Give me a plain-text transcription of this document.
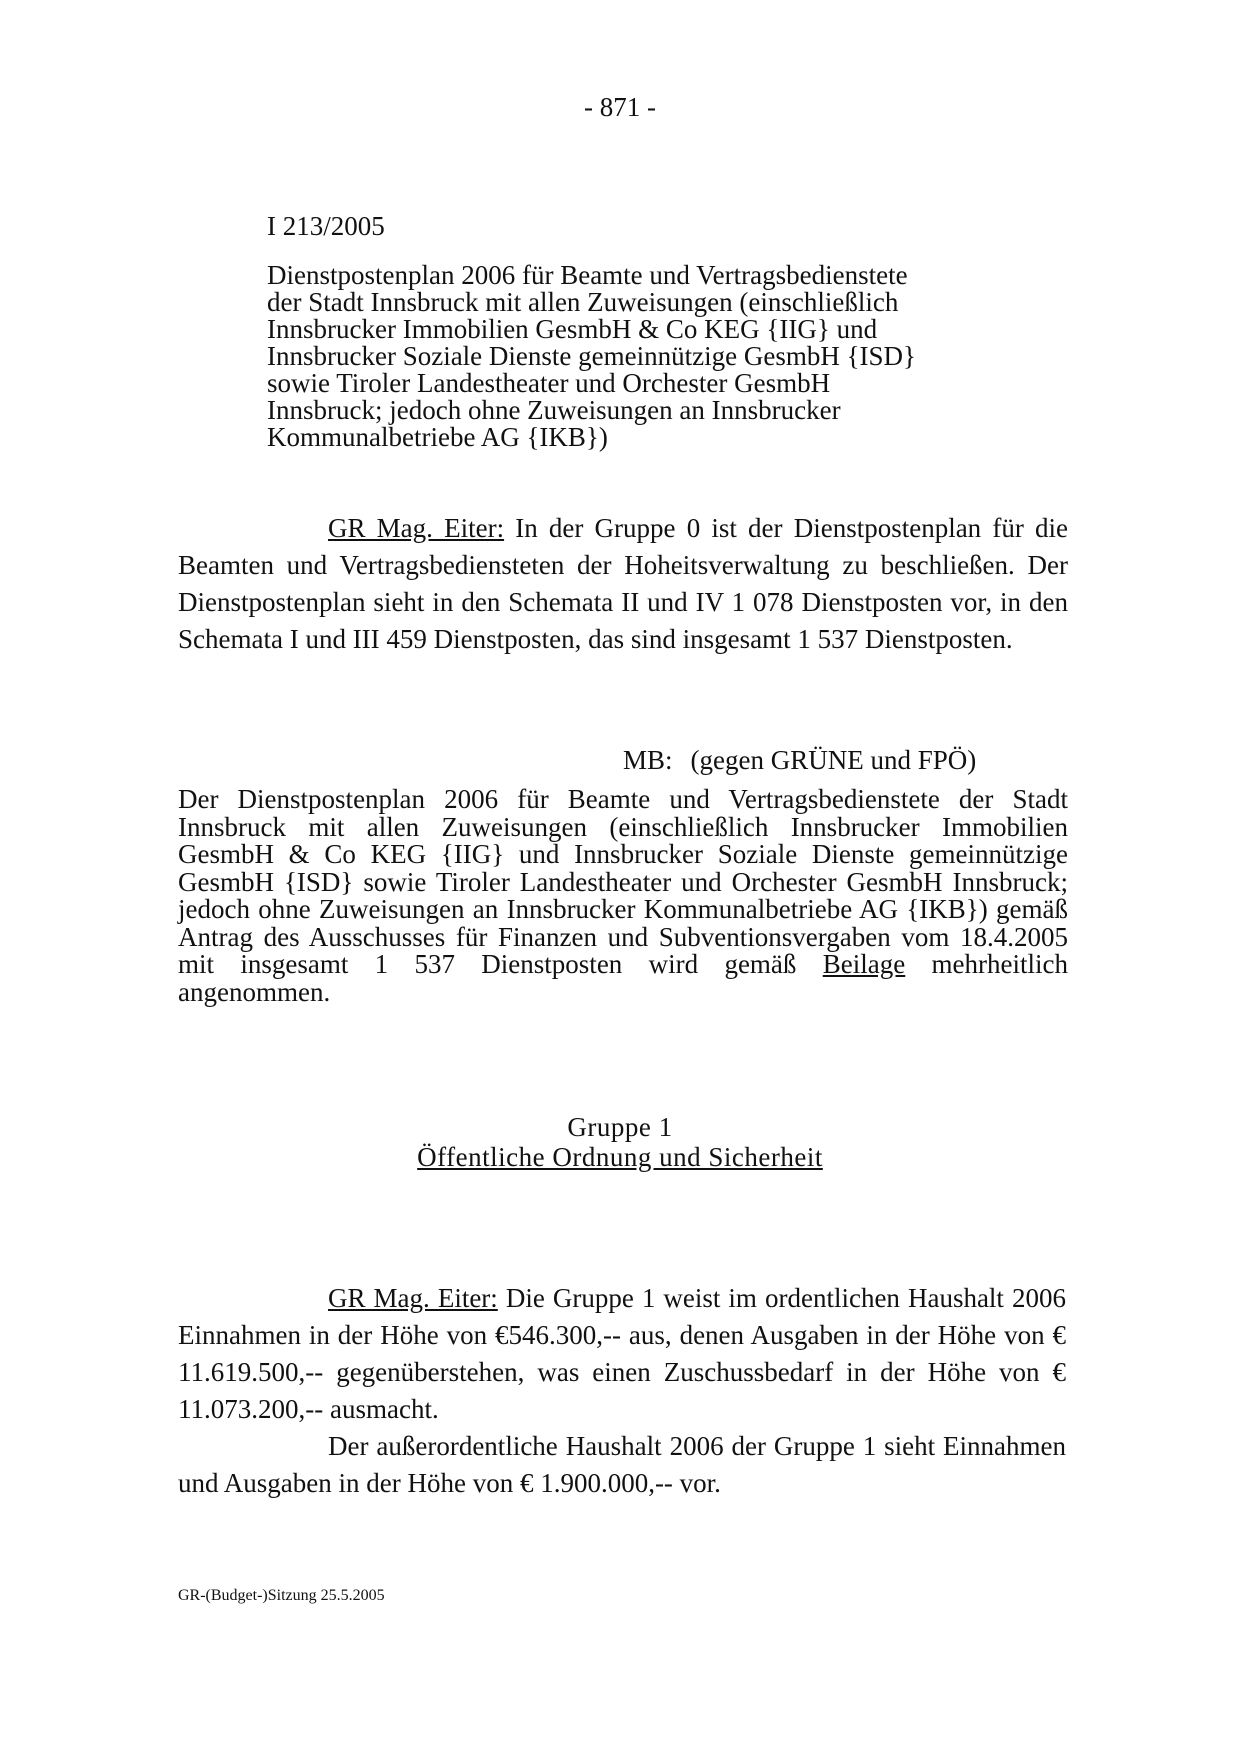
- 871 -
I 213/2005

Dienstpostenplan 2006 für Beamte und Vertragsbedienstete der Stadt Innsbruck mit allen Zuweisungen (einschließlich Innsbrucker Immobilien GesmbH & Co KEG {IIG} und Innsbrucker Soziale Dienste gemeinnützige GesmbH {ISD} sowie Tiroler Landestheater und Orchester GesmbH Innsbruck; jedoch ohne Zuweisungen an Innsbrucker Kommunalbetriebe AG {IKB})

GR Mag. Eiter: In der Gruppe 0 ist der Dienstpostenplan für die Beamten und Vertragsbediensteten der Hoheitsverwaltung zu beschließen. Der Dienstpostenplan sieht in den Schemata II und IV 1 078 Dienstposten vor, in den Schemata I und III 459 Dienstposten, das sind insgesamt 1 537 Dienstposten.

MB: (gegen GRÜNE und FPÖ)

Der Dienstpostenplan 2006 für Beamte und Vertragsbedienstete der Stadt Innsbruck mit allen Zuweisungen (einschließlich Innsbrucker Immobilien GesmbH & Co KEG {IIG} und Innsbrucker Soziale Dienste gemeinnützige GesmbH {ISD} sowie Tiroler Landestheater und Orchester GesmbH Innsbruck; jedoch ohne Zuweisungen an Innsbrucker Kommunalbetriebe AG {IKB}) gemäß Antrag des Ausschusses für Finanzen und Subventionsvergaben vom 18.4.2005 mit insgesamt 1 537 Dienstposten wird gemäß Beilage mehrheitlich angenommen.

Gruppe 1
Öffentliche Ordnung und Sicherheit

GR Mag. Eiter: Die Gruppe 1 weist im ordentlichen Haushalt 2006 Einnahmen in der Höhe von €546.300,-- aus, denen Ausgaben in der Höhe von € 11.619.500,-- gegenüberstehen, was einen Zuschussbedarf in der Höhe von € 11.073.200,-- ausmacht.

Der außerordentliche Haushalt 2006 der Gruppe 1 sieht Einnahmen und Ausgaben in der Höhe von € 1.900.000,-- vor.

GR-(Budget-)Sitzung 25.5.2005
